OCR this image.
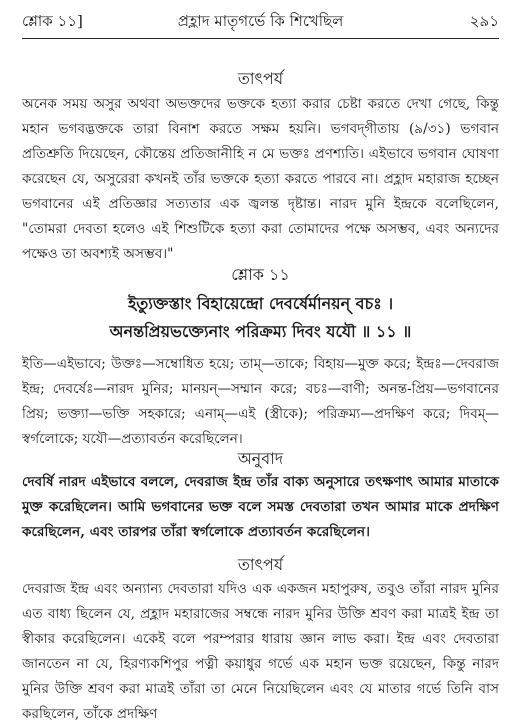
শ্লোক ১১]	প্রহ্লাদ মাতৃগর্ভে কি শিখেছিল	২৯১
তাৎপর্য

অনেক সময় অসুর অথবা অভক্তদের ভক্তকে হত্যা করার চেষ্টা করতে দেখা গেছে, কিন্তু মহান ভগবদ্ভক্তকে তারা বিনাশ করতে সক্ষম হয়নি। ভগবদ্‌গীতায় (৯/৩১) ভগবান প্রতিশ্রুতি দিয়েছেন, কৌন্তেয় প্রতিজানীহি ন মে ভক্তঃ প্রণশ্যতি। এইভাবে ভগবান ঘোষণা করেছেন যে, অসুরেরা কখনই তাঁর ভক্তকে হত্যা করতে পারবে না। প্রহ্লাদ মহারাজ হচ্ছেন ভগবানের এই প্রতিজ্ঞার সত্যতার এক জ্বলন্ত দৃষ্টান্ত। নারদ মুনি ইন্দ্রকে বলেছিলেন, "তোমরা দেবতা হলেও এই শিশুটিকে হত্যা করা তোমাদের পক্ষে অসম্ভব, এবং অন্যদের পক্ষেও তা অবশ্যই অসম্ভব।"

শ্লোক ১১
ইত্যুক্তস্তাং বিহায়েন্দ্রো দেবর্ষের্মানয়ন্‌ বচঃ ।
অনন্তপ্রিয়ভক্ত্যেনাং পরিক্রম্য দিবং যযৌ ॥ ১১ ॥

ইতি—এইভাবে; উক্তঃ—সম্বোধিত হয়ে; তাম্‌—তাকে; বিহায়—মুক্ত করে; ইন্দ্রঃ—দেবরাজ ইন্দ্র; দেবর্ষেঃ—নারদ মুনির; মানয়ন্‌—সম্মান করে; বচঃ—বাণী; অনন্ত-প্রিয়—ভগবানের প্রিয়; ভক্ত্যা—ভক্তি সহকারে; এনাম্‌—এই (স্ত্রীকে); পরিক্রম্য—প্রদক্ষিণ করে; দিবম্‌—স্বর্গলোকে; যযৌ—প্রত্যাবর্তন করেছিলেন।

অনুবাদ

দেবর্ষি নারদ এইভাবে বললে, দেবরাজ ইন্দ্র তাঁর বাক্য অনুসারে তৎক্ষণাৎ আমার মাতাকে মুক্ত করেছিলেন। আমি ভগবানের ভক্ত বলে সমস্ত দেবতারা তখন আমার মাকে প্রদক্ষিণ করেছিলেন, এবং তারপর তাঁরা স্বর্গলোকে প্রত্যাবর্তন করেছিলেন।

তাৎপর্য

দেবরাজ ইন্দ্র এবং অন্যান্য দেবতারা যদিও এক একজন মহাপুরুষ, তবুও তাঁরা নারদ মুনির এত বাধ্য ছিলেন যে, প্রহ্লাদ মহারাজের সম্বন্ধে নারদ মুনির উক্তি শ্রবণ করা মাত্রই ইন্দ্র তা স্বীকার করেছিলেন। একেই বলে পরম্পরার ধারায় জ্ঞান লাভ করা। ইন্দ্র এবং দেবতারা জানতেন না যে, হিরণ্যকশিপুর পত্নী কয়াধুর গর্ভে এক মহান ভক্ত রয়েছেন, কিন্তু নারদ মুনির উক্তি শ্রবণ করা মাত্রই তাঁরা তা মেনে নিয়েছিলেন এবং যে মাতার গর্ভে তিনি বাস করছিলেন, তাঁকে প্রদক্ষিণ
